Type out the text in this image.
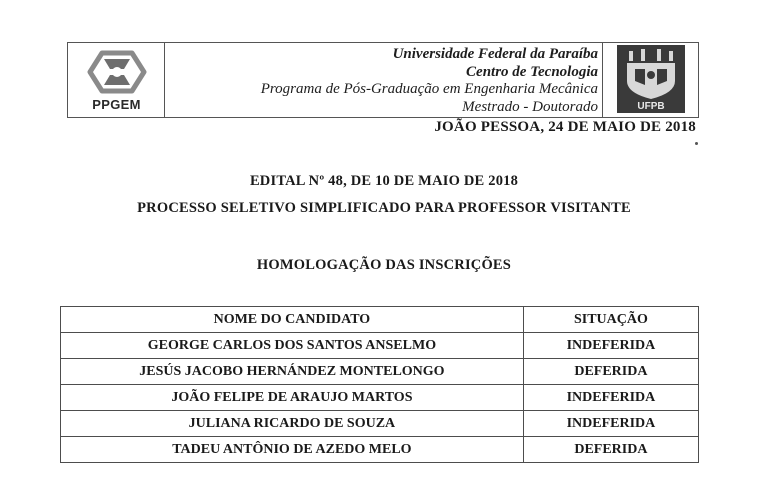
PPGEM
Universidade Federal da Paraíba
Centro de Tecnologia
Programa de Pós-Graduação em Engenharia Mecânica
Mestrado - Doutorado	UFPB
JOÃO PESSOA, 24 DE MAIO DE 2018
EDITAL Nº 48, DE 10 DE MAIO DE 2018
PROCESSO SELETIVO SIMPLIFICADO PARA PROFESSOR VISITANTE
HOMOLOGAÇÃO DAS INSCRIÇÕES
NOME DO CANDIDATO	SITUAÇÃO
GEORGE CARLOS DOS SANTOS ANSELMO	INDEFERIDA
JESÚS JACOBO HERNÁNDEZ MONTELONGO	DEFERIDA
JOÃO FELIPE DE ARAUJO MARTOS	INDEFERIDA
JULIANA RICARDO DE SOUZA	INDEFERIDA
TADEU ANTÔNIO DE AZEDO MELO	DEFERIDA
